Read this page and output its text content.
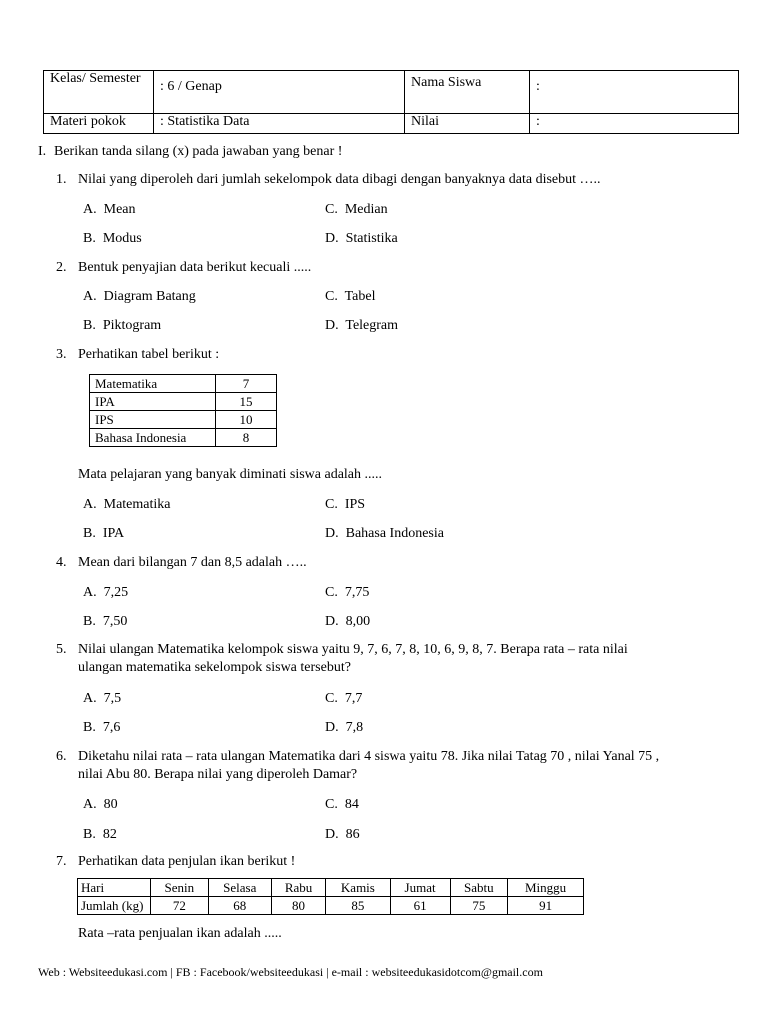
Kelas/ Semester	: 6 / Genap	Nama Siswa	:
Materi pokok	: Statistika Data	Nilai	:
I. Berikan tanda silang (x) pada jawaban yang benar !
1. Nilai yang diperoleh dari jumlah sekelompok data dibagi dengan banyaknya data disebut …..
A. Mean	C. Median
B. Modus	D. Statistika
2. Bentuk penyajian data berikut kecuali .....
A. Diagram Batang	C. Tabel
B. Piktogram	D. Telegram
3. Perhatikan tabel berikut :
Matematika	7
IPA	15
IPS	10
Bahasa Indonesia	8
Mata pelajaran yang banyak diminati siswa adalah .....
A. Matematika	C. IPS
B. IPA	D. Bahasa Indonesia
4. Mean dari bilangan 7 dan 8,5 adalah …..
A. 7,25	C. 7,75
B. 7,50	D. 8,00
5. Nilai ulangan Matematika kelompok siswa yaitu 9, 7, 6, 7, 8, 10, 6, 9, 8, 7. Berapa rata – rata nilai
ulangan matematika sekelompok siswa tersebut?
A. 7,5	C. 7,7
B. 7,6	D. 7,8
6. Diketahu nilai rata – rata ulangan Matematika dari 4 siswa yaitu 78. Jika nilai Tatag 70 , nilai Yanal 75 ,
nilai Abu 80. Berapa nilai yang diperoleh Damar?
A. 80	C. 84
B. 82	D. 86
7. Perhatikan data penjulan ikan berikut !
Hari	Senin	Selasa	Rabu	Kamis	Jumat	Sabtu	Minggu
Jumlah (kg)	72	68	80	85	61	75	91
Rata –rata penjualan ikan adalah .....
Web : Websiteedukasi.com | FB : Facebook/websiteedukasi | e-mail : websiteedukasidotcom@gmail.com
